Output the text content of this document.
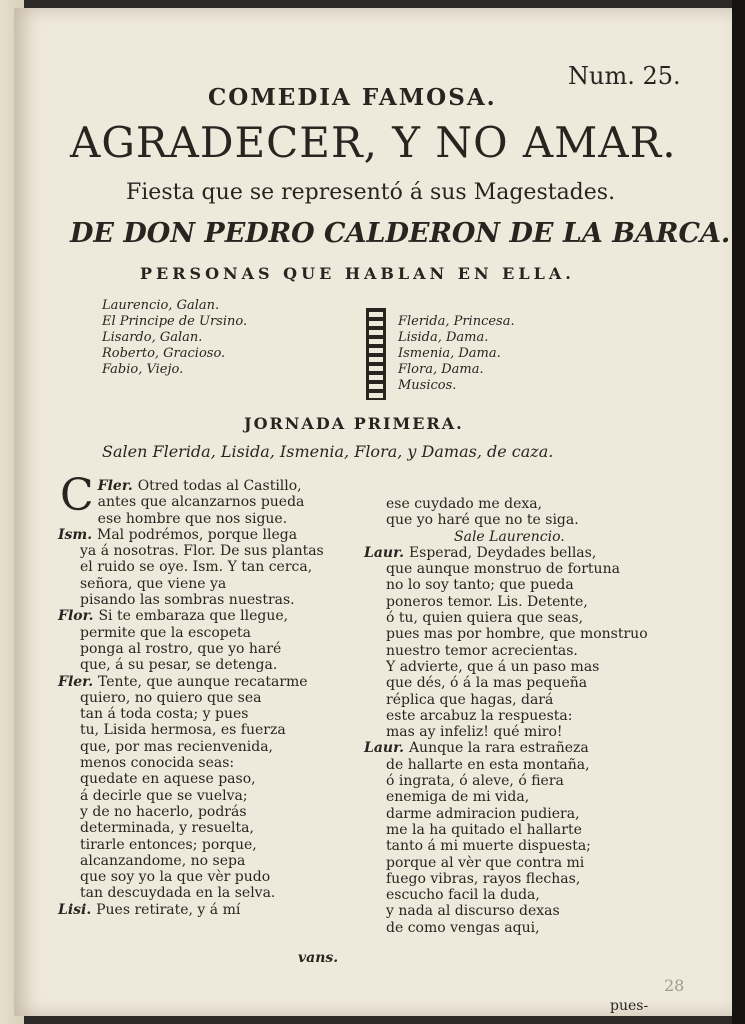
Num. 25.
COMEDIA FAMOSA.
AGRADECER, Y NO AMAR.
Fiesta que se representó á sus Magestades.
DE DON PEDRO CALDERON DE LA BARCA.
PERSONAS QUE HABLAN EN ELLA.
Laurencio, Galan.
El Principe de Ursino.
Lisardo, Galan.
Roberto, Gracioso.
Fabio, Viejo.
Flerida, Princesa.
Lisida, Dama.
Ismenia, Dama.
Flora, Dama.
Musicos.
JORNADA PRIMERA.
Salen Flerida, Lisida, Ismenia, Flora, y Damas, de caza.
Fler.
C	Otred todas al Castillo,
antes que alcanzarnos pueda
ese hombre que nos sigue.
Ism. Mal podrémos, porque llega
ya á nosotras. Flor. De sus plantas
el ruido se oye. Ism. Y tan cerca,
señora, que viene ya
pisando las sombras nuestras.
Flor. Si te embaraza que llegue,
permite que la escopeta
ponga al rostro, que yo haré
que, á su pesar, se detenga.
Fler. Tente, que aunque recatarme
quiero, no quiero que sea
tan á toda costa; y pues
tu, Lisida hermosa, es fuerza
que, por mas recienvenida,
menos conocida seas:
quedate en aquese paso,
á decirle que se vuelva;
y de no hacerlo, podrás
determinada, y resuelta,
tirarle entonces; porque,
alcanzandome, no sepa
que soy yo la que vèr pudo
tan descuydada en la selva.
Lisi. Pues retirate, y á mí
ese cuydado me dexa,
que yo haré que no te siga.
Sale Laurencio.
Laur. Esperad, Deydades bellas,
que aunque monstruo de fortuna
no lo soy tanto; que pueda
poneros temor. Lis. Detente,
ó tu, quien quiera que seas,
pues mas por hombre, que monstruo
nuestro temor acrecientas.
Y advierte, que á un paso mas
que dés, ó á la mas pequeña
réplica que hagas, dará
este arcabuz la respuesta:
mas ay infeliz! qué miro!
Laur. Aunque la rara estrañeza
de hallarte en esta montaña,
ó ingrata, ó aleve, ó fiera
enemiga de mi vida,
darme admiracion pudiera,
me la ha quitado el hallarte
tanto á mi muerte dispuesta;
porque al vèr que contra mi
fuego vibras, rayos flechas,
escucho facil la duda,
y nada al discurso dexas
de como vengas aqui,
vans.
pues-
28
